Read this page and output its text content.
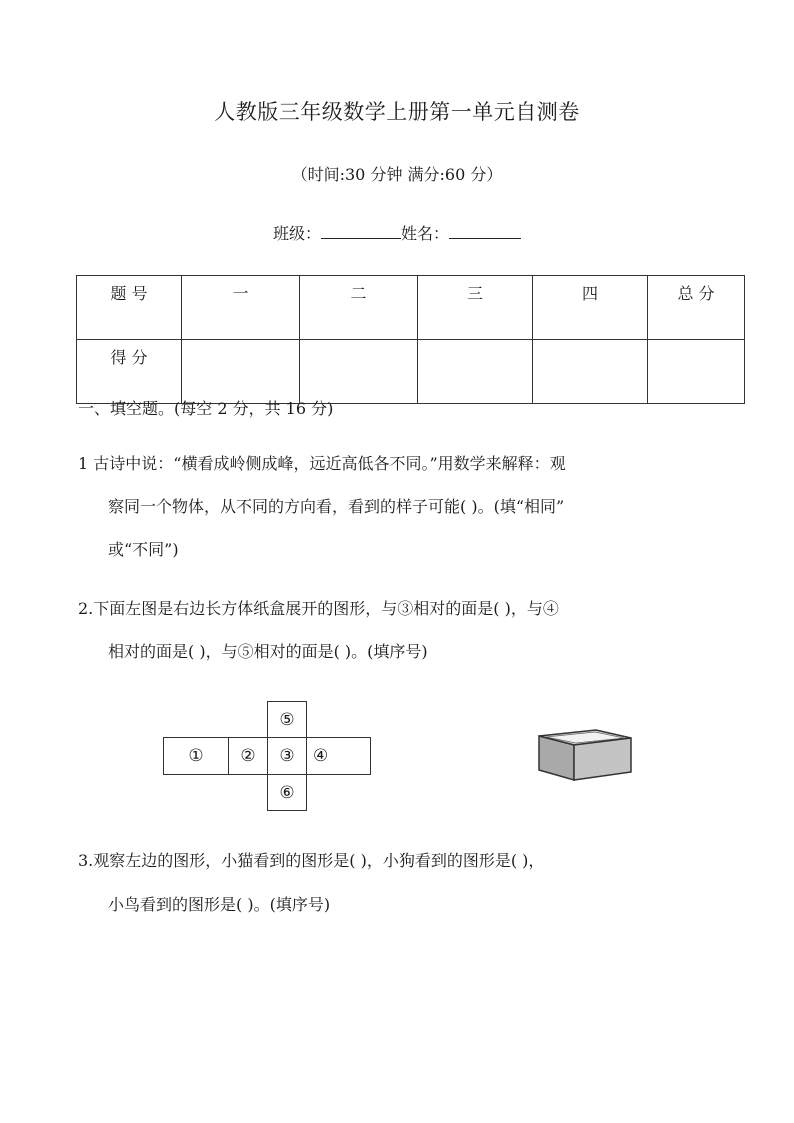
人教版三年级数学上册第一单元自测卷
（时间:30 分钟 满分:60 分）
班级：	姓名：
题 号	一	二	三	四	总 分
得 分					
一、填空题。(每空 2 分，共 16 分)
1 古诗中说：“横看成岭侧成峰，远近高低各不同。”用数学来解释：观
察同一个物体，从不同的方向看，看到的样子可能( )。(填“相同”
或“不同”)
2.下面左图是右边长方体纸盒展开的图形，与③相对的面是( )，与④
相对的面是( )，与⑤相对的面是( )。(填序号)
⑤
①	②	③	④
⑥
3.观察左边的图形，小猫看到的图形是( )，小狗看到的图形是( )，
小鸟看到的图形是( )。(填序号)
